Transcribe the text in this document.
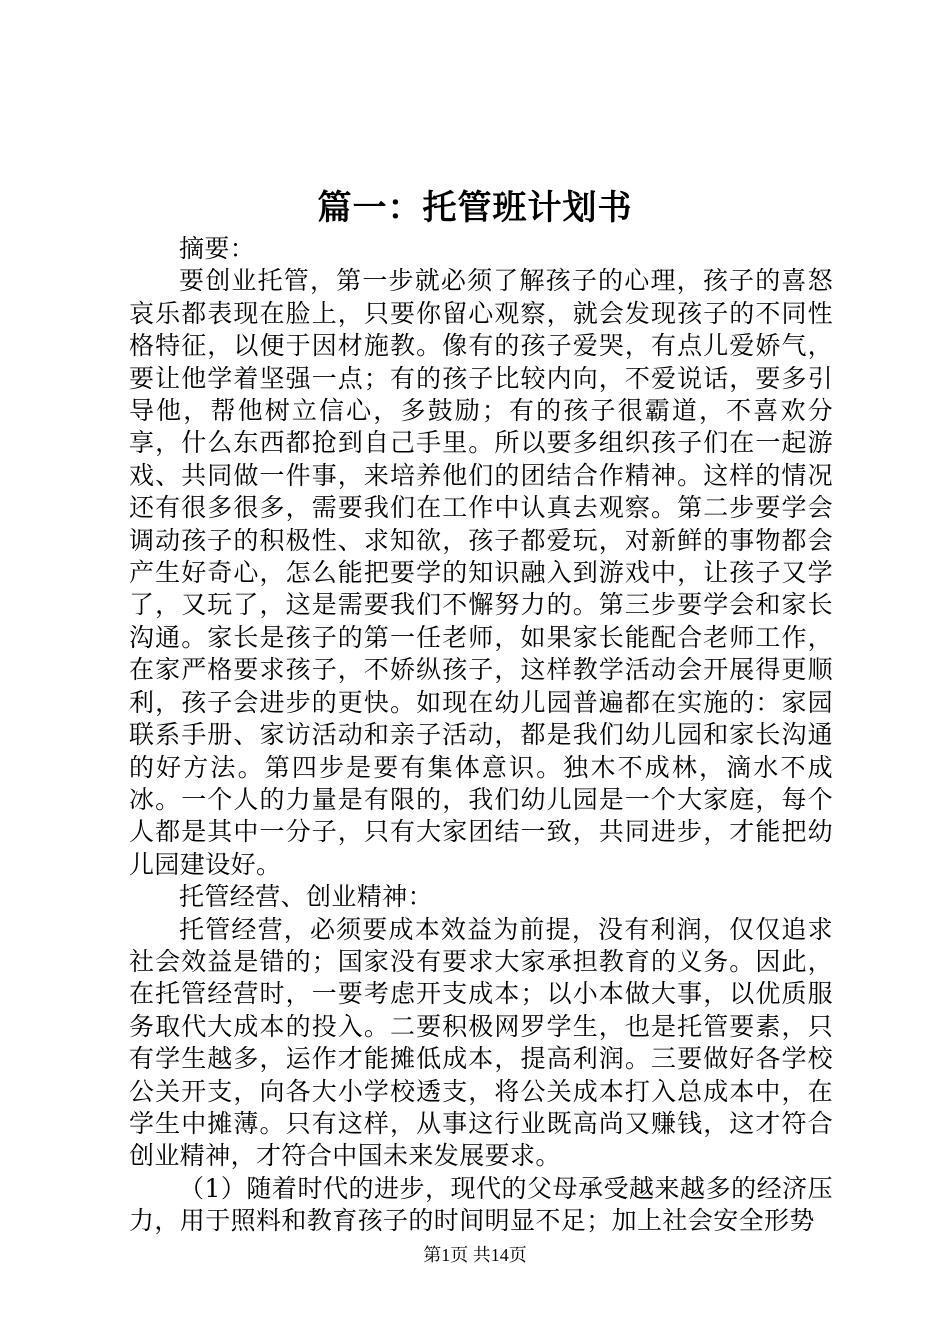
篇一：托管班计划书

摘要：

要创业托管，第一步就必须了解孩子的心理，孩子的喜怒哀乐都表现在脸上，只要你留心观察，就会发现孩子的不同性格特征，以便于因材施教。像有的孩子爱哭，有点儿爱娇气，要让他学着坚强一点；有的孩子比较内向，不爱说话，要多引导他，帮他树立信心，多鼓励；有的孩子很霸道，不喜欢分享，什么东西都抢到自己手里。所以要多组织孩子们在一起游戏、共同做一件事，来培养他们的团结合作精神。这样的情况还有很多很多，需要我们在工作中认真去观察。第二步要学会调动孩子的积极性、求知欲，孩子都爱玩，对新鲜的事物都会产生好奇心，怎么能把要学的知识融入到游戏中，让孩子又学了，又玩了，这是需要我们不懈努力的。第三步要学会和家长沟通。家长是孩子的第一任老师，如果家长能配合老师工作，在家严格要求孩子，不娇纵孩子，这样教学活动会开展得更顺利，孩子会进步的更快。如现在幼儿园普遍都在实施的：家园联系手册、家访活动和亲子活动，都是我们幼儿园和家长沟通的好方法。第四步是要有集体意识。独木不成林，滴水不成冰。一个人的力量是有限的，我们幼儿园是一个大家庭，每个人都是其中一分子，只有大家团结一致，共同进步，才能把幼儿园建设好。

托管经营、创业精神：

托管经营，必须要成本效益为前提，没有利润，仅仅追求社会效益是错的；国家没有要求大家承担教育的义务。因此，在托管经营时，一要考虑开支成本；以小本做大事，以优质服务取代大成本的投入。二要积极网罗学生，也是托管要素，只有学生越多，运作才能摊低成本，提高利润。三要做好各学校公关开支，向各大小学校透支，将公关成本打入总成本中，在学生中摊薄。只有这样，从事这行业既高尚又赚钱，这才符合创业精神，才符合中国未来发展要求。

（1）随着时代的进步，现代的父母承受越来越多的经济压力，用于照料和教育孩子的时间明显不足；加上社会安全形势

第1页 共14页
